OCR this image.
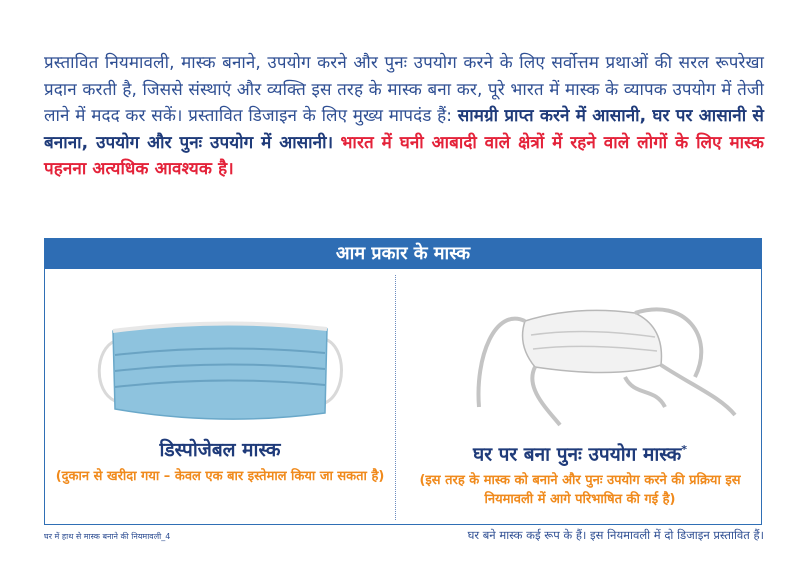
प्रस्तावित नियमावली, मास्क बनाने, उपयोग करने और पुनः उपयोग करने के लिए सर्वोत्तम प्रथाओं की सरल रूपरेखा प्रदान करती है, जिससे संस्थाएं और व्यक्ति इस तरह के मास्क बना कर, पूरे भारत में मास्क के व्यापक उपयोग में तेजी लाने में मदद कर सकें। प्रस्तावित डिजाइन के लिए मुख्य मापदंड हैं: सामग्री प्राप्त करने में आसानी, घर पर आसानी से बनाना, उपयोग और पुनः उपयोग में आसानी। भारत में घनी आबादी वाले क्षेत्रों में रहने वाले लोगों के लिए मास्क पहनना अत्यधिक आवश्यक है।
आम प्रकार के मास्क
डिस्पोजेबल मास्क
(दुकान से खरीदा गया – केवल एक बार इस्तेमाल किया जा सकता है)
घर पर बना पुनः उपयोग मास्क*
(इस तरह के मास्क को बनाने और पुनः उपयोग करने की प्रक्रिया इस नियमावली में आगे परिभाषित की गई है)
घर में हाथ से मास्क बनाने की नियमावली_4	घर बने मास्क कई रूप के हैं। इस नियमावली में दो डिजाइन प्रस्तावित हैं।
